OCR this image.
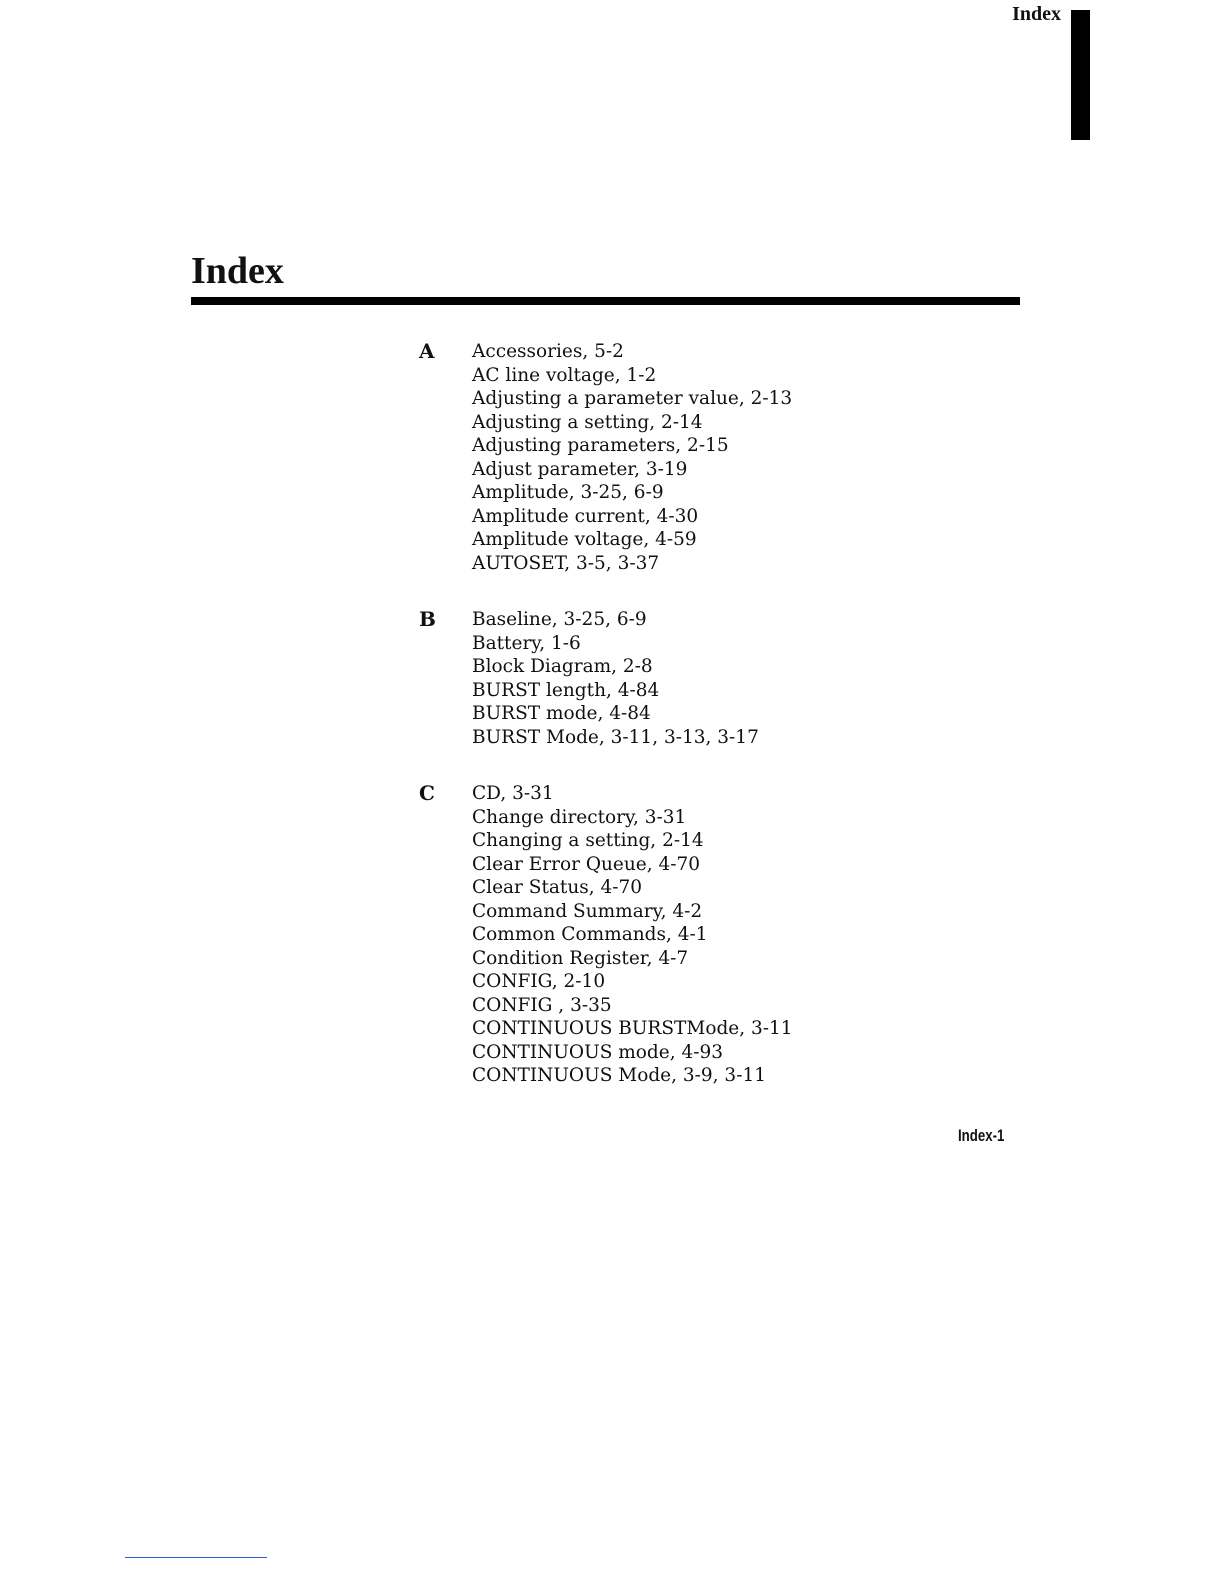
Index
Index
A Accessories, 5-2
AC line voltage, 1-2
Adjusting a parameter value, 2-13
Adjusting a setting, 2-14
Adjusting parameters, 2-15
Adjust parameter, 3-19
Amplitude, 3-25, 6-9
Amplitude current, 4-30
Amplitude voltage, 4-59
AUTOSET, 3-5, 3-37
B Baseline, 3-25, 6-9
Battery, 1-6
Block Diagram, 2-8
BURST length, 4-84
BURST mode, 4-84
BURST Mode, 3-11, 3-13, 3-17
C CD, 3-31
Change directory, 3-31
Changing a setting, 2-14
Clear Error Queue, 4-70
Clear Status, 4-70
Command Summary, 4-2
Common Commands, 4-1
Condition Register, 4-7
CONFIG, 2-10
CONFIG , 3-35
CONTINUOUS BURSTMode, 3-11
CONTINUOUS mode, 4-93
CONTINUOUS Mode, 3-9, 3-11
Index-1
